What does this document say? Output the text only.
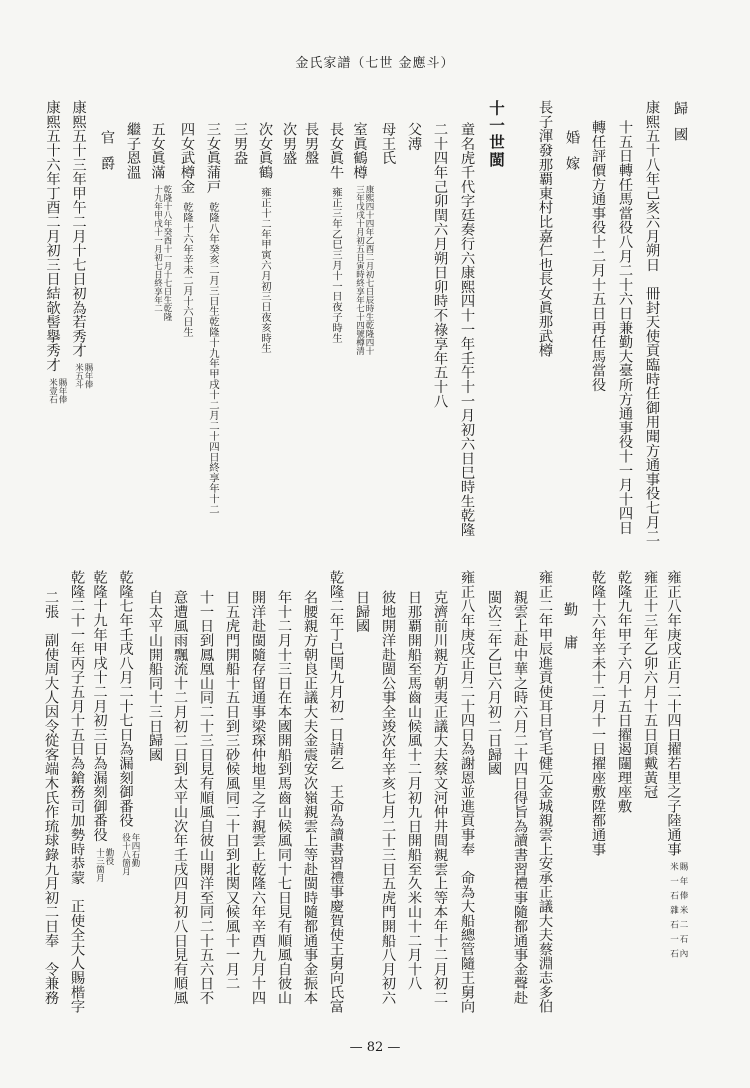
金氏家譜（七世 金應斗）
歸國
康熙五十八年己亥六月朔日　冊封天使貢臨時任御用聞方通事役七月二
十五日轉任馬當役八月二十六日兼勤大臺所方通事役十一月十四日
轉任評價方通事役十二月十五日再任馬當役
婚嫁
長子渾發那覇東村比嘉仁也長女眞那武樽
十一世閩
童名虎千代字廷奏行六康熙四十一年壬午十一月初六日巳時生乾隆
二十四年己卯閏六月朔日卯時不祿享年五十八
父溥
母王氏
室眞鶴樽
康熙四十四年乙酉二月初七日辰時生乾隆四十
三年戊戌十月初五日寅時終享年七十四號樽清
長女眞牛雍正三年乙巳三月十一日夜子時生
長男盤
次男盛
次女眞鶴雍正十二年甲寅六月初三日夜亥時生
三男盎
三女眞蒲戸乾隆八年癸亥二月三日生乾隆十九年甲戌十二月二十四日終享年十二
四女武樽金乾隆十六年辛未二月十六日生
五女眞滿
乾隆十八年癸酉十一月十七日生乾隆
十九年甲戌十一月初七日終享年二
繼子恩溫
官爵
康熙五十三年甲午二月十七日初為若秀才
賜年俸
米五斗
康熙五十六年丁酉二月初三日結欹髻擧秀才
賜年俸
米壹石
雍正八年庚戌正月二十四日擢若里之子陸通事
賜年俸米二石內
米一石雜石一石
雍正十三年乙卯六月十五日頂戴黃冠
乾隆九年甲子六月十五日擢遏闥理座敷
乾隆十六年辛未十二月十一日擢座敷陞都通事
勤庸
雍正二年甲辰進貢使耳目官毛健元金城親雲上安承正議大夫蔡淵志多伯
親雲上赴中華之時六月二十四日得旨為讀書習禮事隨都通事金聲赴
閩次三年乙巳六月初二日歸國
雍正八年庚戌正月二十四日為謝恩並進貢事奉　命為大船總管隨王舅向
克濟前川親方朝夷正議大夫蔡文河仲井間親雲上等本年十二月初二
日那覇開船至馬齒山候風十二月初九日開船至久米山十二月十八
彼地開洋赴閩公事全竣次年辛亥七月二十三日五虎門開船八月初六
日歸國
乾隆二年丁巳閏九月初一日請乞　王命為讀書習禮事慶賀使王舅向氏富
名腰親方朝良正議大夫金震安次嶺親雲上等赴閩時隨都通事金振本
年十二月十三日在本國開船到馬齒山候風同十七日見有順風自彼山
開洋赴閩隨存留通事梁琛仲地里之子親雲上乾隆六年辛酉九月十四
日五虎門開船十五日到三砂候風同二十日到北関又候風十一月二
十一日到鳳凰山同二十三日見有順風自彼山開洋至同二十五六日不
意遭風雨飄流十二月初二日到太平山次年壬戌四月初八日見有順風
自太平山開船同十三日歸國
乾隆七年壬戌八月二十七日為漏刻御番役
年四石勤
役十八箇月
乾隆十九年甲戌十二月初三日為漏刻御番役
勤役
十三箇月
乾隆二十一年丙子五月十五日為鎗務司加勢時恭蒙　正使全大人賜楷字
二張　副使周大人因令從客端木氏作琉球錄九月初二日奉　令兼務
— 82 —
